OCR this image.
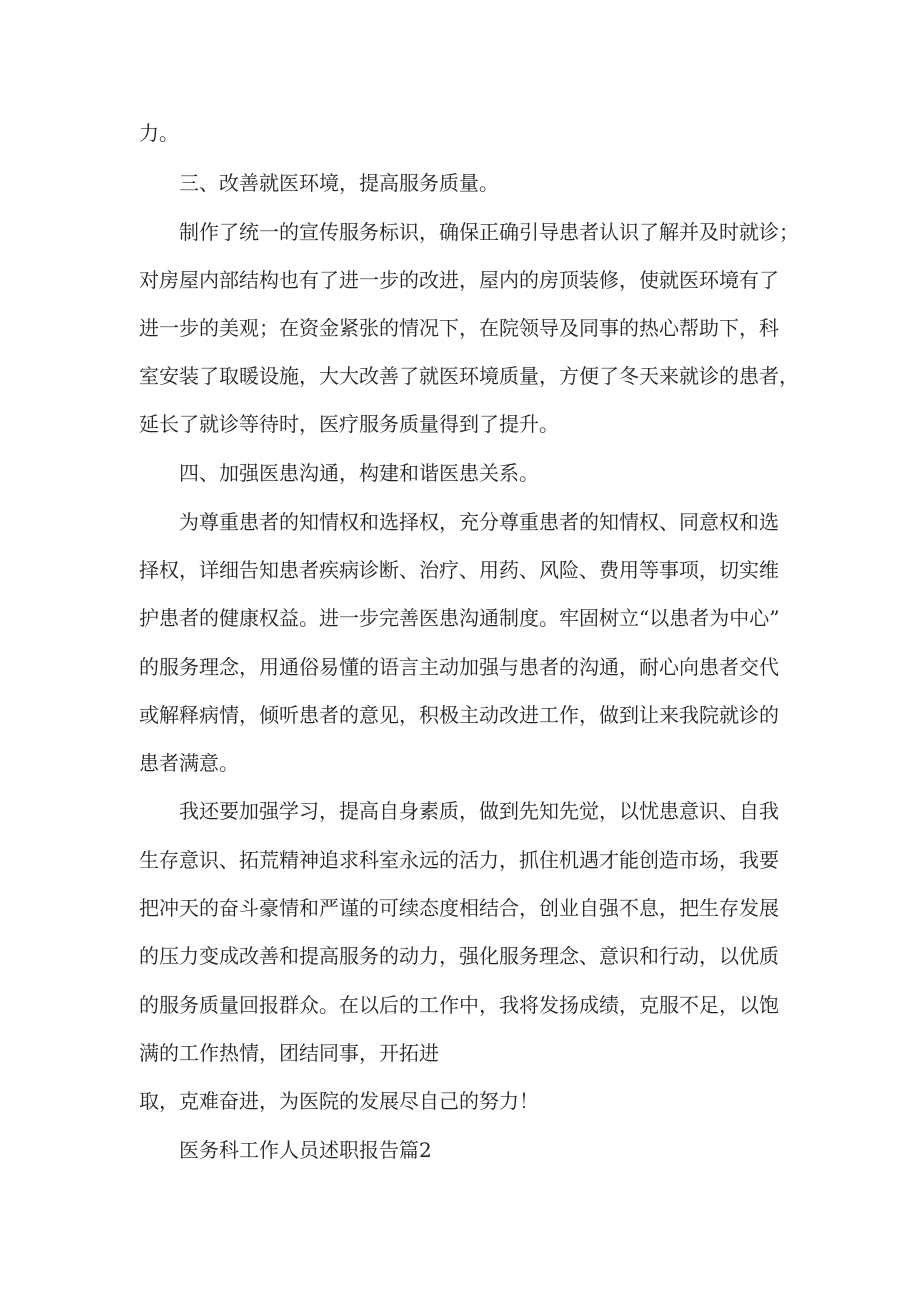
力。

三、改善就医环境，提高服务质量。

制作了统一的宣传服务标识，确保正确引导患者认识了解并及时就诊；

对房屋内部结构也有了进一步的改进，屋内的房顶装修，使就医环境有了

进一步的美观；在资金紧张的情况下，在院领导及同事的热心帮助下，科

室安装了取暖设施，大大改善了就医环境质量，方便了冬天来就诊的患者，

延长了就诊等待时，医疗服务质量得到了提升。

四、加强医患沟通，构建和谐医患关系。

为尊重患者的知情权和选择权，充分尊重患者的知情权、同意权和选

择权，详细告知患者疾病诊断、治疗、用药、风险、费用等事项，切实维

护患者的健康权益。进一步完善医患沟通制度。牢固树立“以患者为中心”

的服务理念，用通俗易懂的语言主动加强与患者的沟通，耐心向患者交代

或解释病情，倾听患者的意见，积极主动改进工作，做到让来我院就诊的

患者满意。

我还要加强学习，提高自身素质，做到先知先觉，以忧患意识、自我

生存意识、拓荒精神追求科室永远的活力，抓住机遇才能创造市场，我要

把冲天的奋斗豪情和严谨的可续态度相结合，创业自强不息，把生存发展

的压力变成改善和提高服务的动力，强化服务理念、意识和行动，以优质

的服务质量回报群众。在以后的工作中，我将发扬成绩，克服不足，以饱

满的工作热情，团结同事，开拓进

取，克难奋进，为医院的发展尽自己的努力！

医务科工作人员述职报告篇2
